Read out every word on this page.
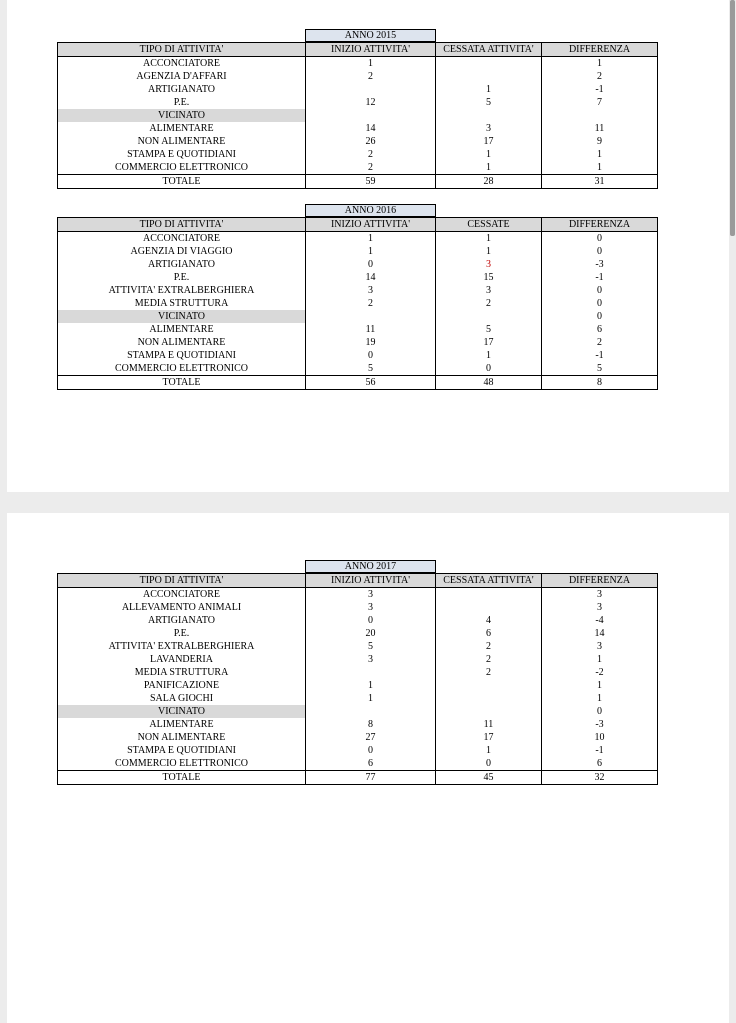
ANNO 2015
TIPO DI ATTIVITA'	INIZIO ATTIVITA'	CESSATA ATTIVITA'	DIFFERENZA
ACCONCIATORE	1		1
AGENZIA D'AFFARI	2		2
ARTIGIANATO		1	-1
P.E.	12	5	7
VICINATO			
ALIMENTARE	14	3	11
NON ALIMENTARE	26	17	9
STAMPA E QUOTIDIANI	2	1	1
COMMERCIO ELETTRONICO	2	1	1
TOTALE	59	28	31
ANNO 2016
TIPO DI ATTIVITA'	INIZIO ATTIVITA'	CESSATE	DIFFERENZA
ACCONCIATORE	1	1	0
AGENZIA DI VIAGGIO	1	1	0
ARTIGIANATO	0	3	-3
P.E.	14	15	-1
ATTIVITA' EXTRALBERGHIERA	3	3	0
MEDIA STRUTTURA	2	2	0
VICINATO			0
ALIMENTARE	11	5	6
NON ALIMENTARE	19	17	2
STAMPA E QUOTIDIANI	0	1	-1
COMMERCIO ELETTRONICO	5	0	5
TOTALE	56	48	8
ANNO 2017
TIPO DI ATTIVITA'	INIZIO ATTIVITA'	CESSATA ATTIVITA'	DIFFERENZA
ACCONCIATORE	3		3
ALLEVAMENTO ANIMALI	3		3
ARTIGIANATO	0	4	-4
P.E.	20	6	14
ATTIVITA' EXTRALBERGHIERA	5	2	3
LAVANDERIA	3	2	1
MEDIA STRUTTURA		2	-2
PANIFICAZIONE	1		1
SALA GIOCHI	1		1
VICINATO			0
ALIMENTARE	8	11	-3
NON ALIMENTARE	27	17	10
STAMPA E QUOTIDIANI	0	1	-1
COMMERCIO ELETTRONICO	6	0	6
TOTALE	77	45	32
